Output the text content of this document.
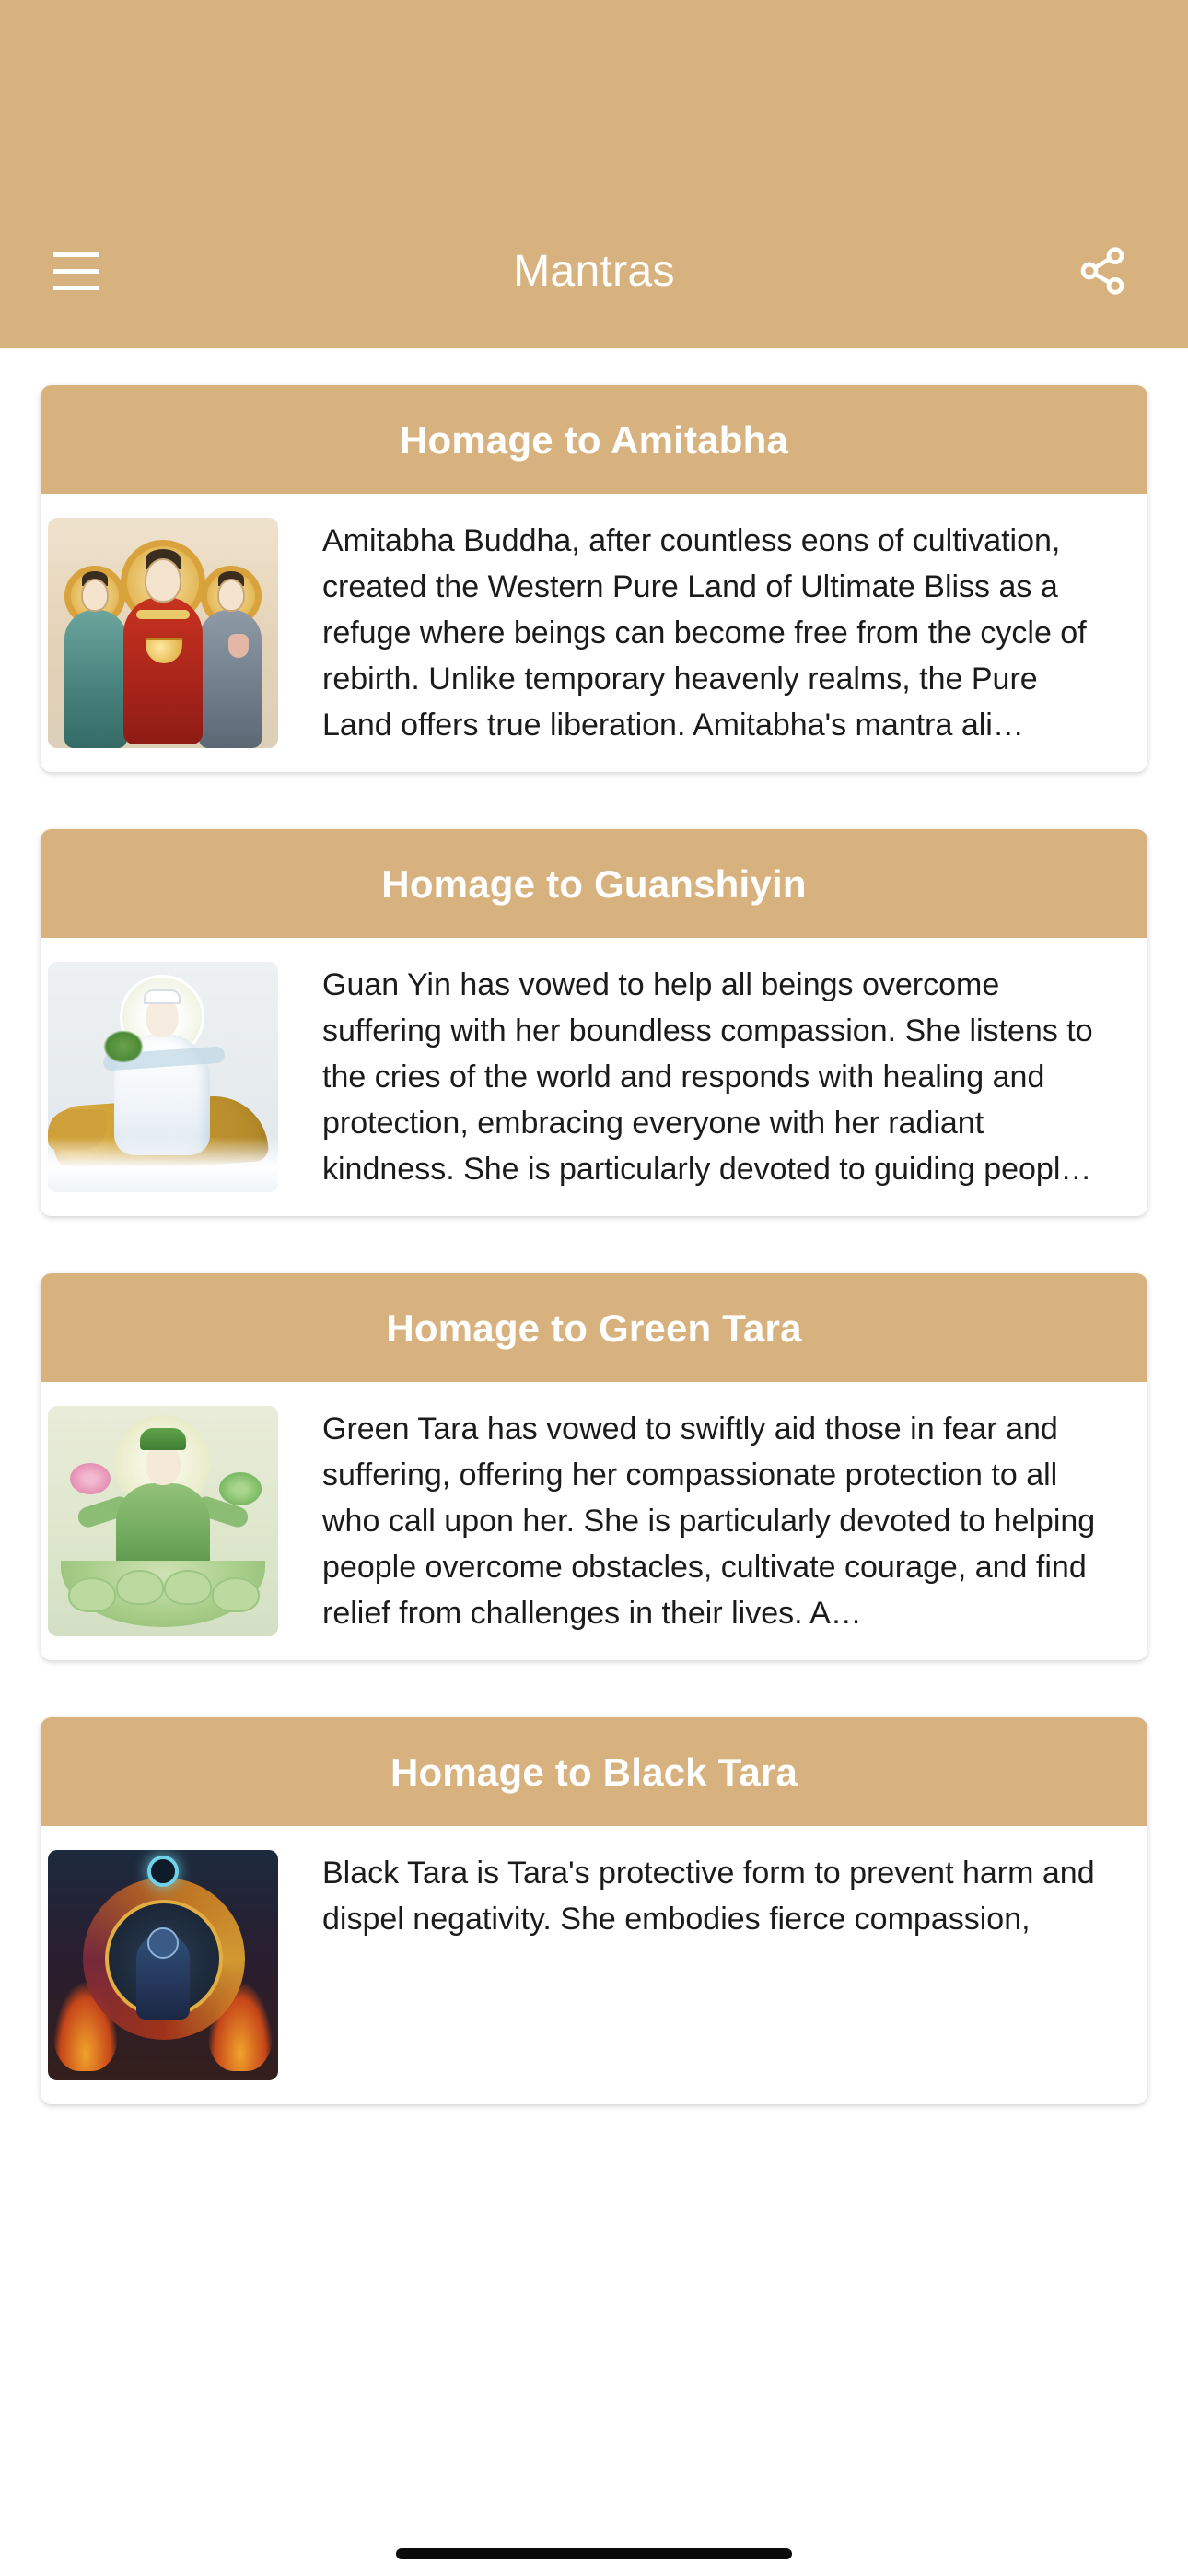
Mantras
Homage to Amitabha
Amitabha Buddha, after countless eons of cultivation, created the Western Pure Land of Ultimate Bliss as a refuge where beings can become free from the cycle of rebirth. Unlike temporary heavenly realms, the Pure Land offers true liberation. Amitabha's mantra ali…
Homage to Guanshiyin
Guan Yin has vowed to help all beings overcome suffering with her boundless compassion. She listens to the cries of the world and responds with healing and protection, embracing everyone with her radiant kindness. She is particularly devoted to guiding peopl…
Homage to Green Tara
Green Tara has vowed to swiftly aid those in fear and suffering, offering her compassionate protection to all who call upon her. She is particularly devoted to helping people overcome obstacles, cultivate courage, and find relief from challenges in their lives. A…
Homage to Black Tara
Black Tara is Tara's protective form to prevent harm and dispel negativity. She embodies fierce compassion,
